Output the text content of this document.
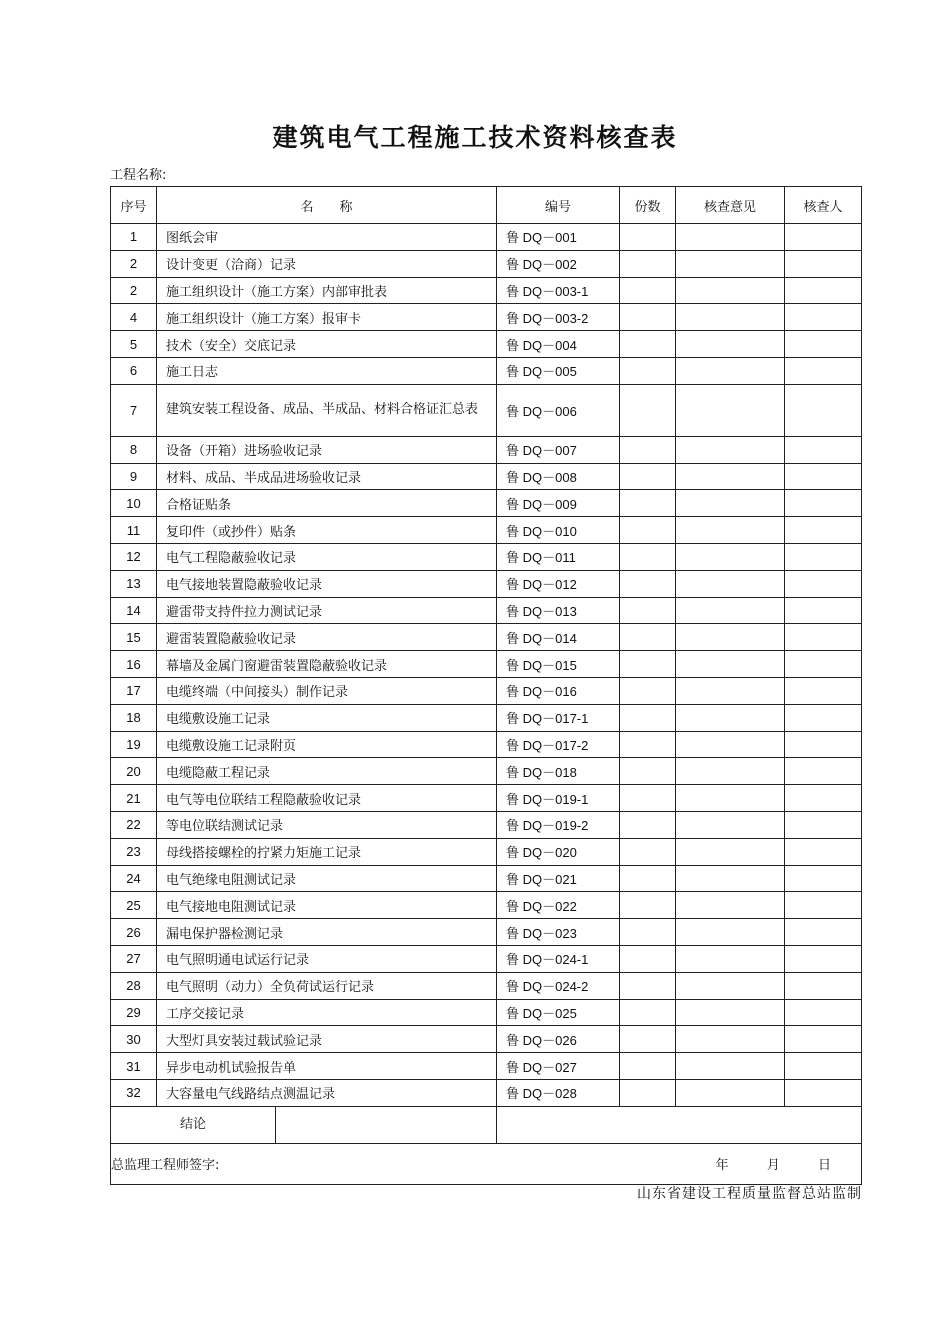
建筑电气工程施工技术资料核查表
工程名称:
序号	名　　称	编号	份数	核查意见	核查人
1	图纸会审	鲁 DQ－001			
2	设计变更（洽商）记录	鲁 DQ－002			
2	施工组织设计（施工方案）内部审批表	鲁 DQ－003-1			
4	施工组织设计（施工方案）报审卡	鲁 DQ－003-2			
5	技术（安全）交底记录	鲁 DQ－004			
6	施工日志	鲁 DQ－005			
7	建筑安装工程设备、成品、半成品、材料合格证汇总表	鲁 DQ－006			
8	设备（开箱）进场验收记录	鲁 DQ－007			
9	材料、成品、半成品进场验收记录	鲁 DQ－008			
10	合格证贴条	鲁 DQ－009			
11	复印件（或抄件）贴条	鲁 DQ－010			
12	电气工程隐蔽验收记录	鲁 DQ－011			
13	电气接地装置隐蔽验收记录	鲁 DQ－012			
14	避雷带支持件拉力测试记录	鲁 DQ－013			
15	避雷装置隐蔽验收记录	鲁 DQ－014			
16	幕墙及金属门窗避雷装置隐蔽验收记录	鲁 DQ－015			
17	电缆终端（中间接头）制作记录	鲁 DQ－016			
18	电缆敷设施工记录	鲁 DQ－017-1			
19	电缆敷设施工记录附页	鲁 DQ－017-2			
20	电缆隐蔽工程记录	鲁 DQ－018			
21	电气等电位联结工程隐蔽验收记录	鲁 DQ－019-1			
22	等电位联结测试记录	鲁 DQ－019-2			
23	母线搭接螺栓的拧紧力矩施工记录	鲁 DQ－020			
24	电气绝缘电阻测试记录	鲁 DQ－021			
25	电气接地电阻测试记录	鲁 DQ－022			
26	漏电保护器检测记录	鲁 DQ－023			
27	电气照明通电试运行记录	鲁 DQ－024-1			
28	电气照明（动力）全负荷试运行记录	鲁 DQ－024-2			
29	工序交接记录	鲁 DQ－025			
30	大型灯具安装过载试验记录	鲁 DQ－026			
31	异步电动机试验报告单	鲁 DQ－027			
32	大容量电气线路结点测温记录	鲁 DQ－028			

结论					

总监理工程师签字: 年 月 日					
山东省建设工程质量监督总站监制
